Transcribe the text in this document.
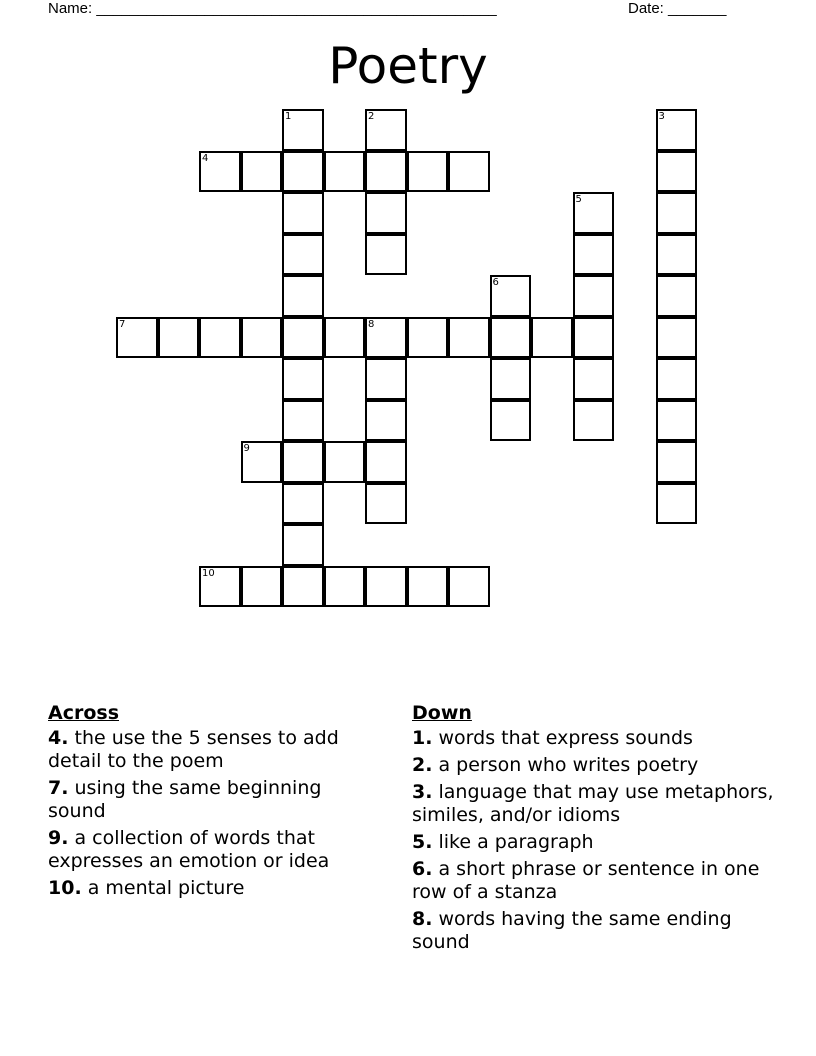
Name: ________________________________________________	Date: _______
Poetry
1	2	3
4
5
6
7	8
9
10
Across
4. the use the 5 senses to add detail to the poem
7. using the same beginning sound
9. a collection of words that expresses an emotion or idea
10. a mental picture
Down
1. words that express sounds
2. a person who writes poetry
3. language that may use metaphors, similes, and/or idioms
5. like a paragraph
6. a short phrase or sentence in one row of a stanza
8. words having the same ending sound
